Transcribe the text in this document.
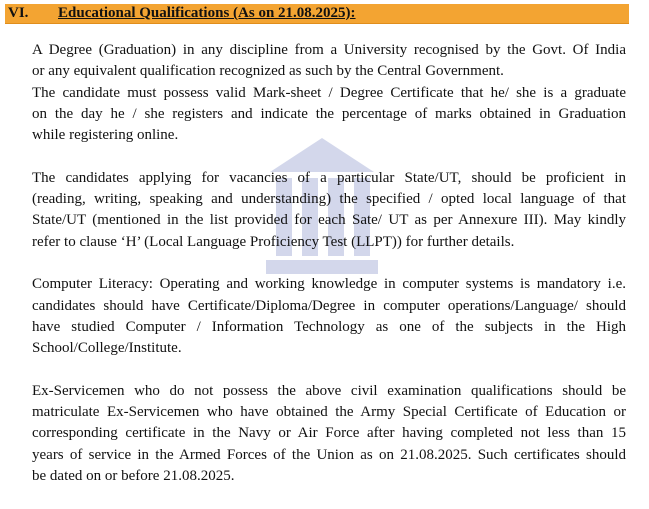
VI.	Educational Qualifications (As on 21.08.2025):
A Degree (Graduation) in any discipline from a University recognised by the Govt. Of India
or any equivalent qualification recognized as such by the Central Government.
The candidate must possess valid Mark-sheet / Degree Certificate that he/ she is a graduate
on the day he / she registers and indicate the percentage of marks obtained in Graduation
while registering online.
The candidates applying for vacancies of a particular State/UT, should be proficient in
(reading, writing, speaking and understanding) the specified / opted local language of that
State/UT (mentioned in the list provided for each Sate/ UT as per Annexure III). May kindly
refer to clause ‘H’ (Local Language Proficiency Test (LLPT)) for further details.
Computer Literacy: Operating and working knowledge in computer systems is mandatory i.e.
candidates should have Certificate/Diploma/Degree in computer operations/Language/ should
have studied Computer / Information Technology as one of the subjects in the High
School/College/Institute.
Ex-Servicemen who do not possess the above civil examination qualifications should be
matriculate Ex-Servicemen who have obtained the Army Special Certificate of Education or
corresponding certificate in the Navy or Air Force after having completed not less than 15
years of service in the Armed Forces of the Union as on 21.08.2025. Such certificates should
be dated on or before 21.08.2025.
